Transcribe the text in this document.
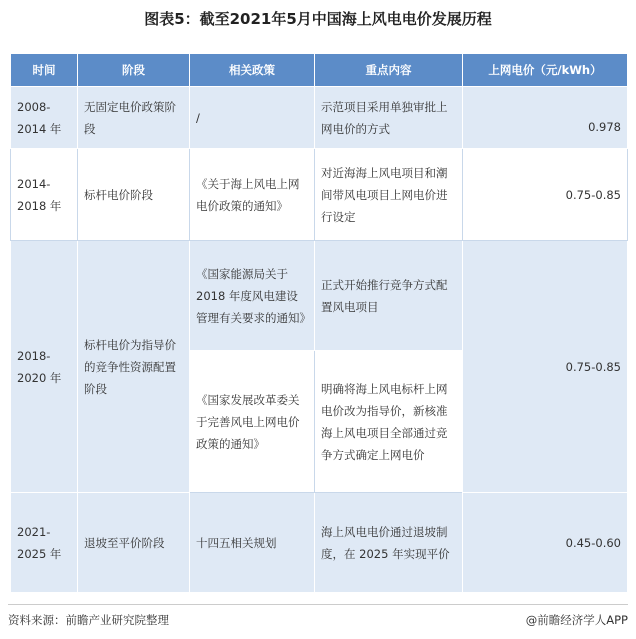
图表5：截至2021年5月中国海上风电电价发展历程
时间	阶段	相关政策	重点内容	上网电价（元/kWh）
2008-2014 年	无固定电价政策阶段	/	示范项目采用单独审批上网电价的方式	0.978
2014-2018 年	标杆电价阶段	《关于海上风电上网电价政策的通知》	对近海海上风电项目和潮间带风电项目上网电价进行设定	0.75-0.85
2018-2020 年	标杆电价为指导价的竞争性资源配置阶段	《国家能源局关于2018 年度风电建设管理有关要求的通知》	正式开始推行竞争方式配置风电项目	0.75-0.85
		《国家发展改革委关于完善风电上网电价政策的通知》	明确将海上风电标杆上网电价改为指导价，新核准海上风电项目全部通过竞争方式确定上网电价	
2021-2025 年	退坡至平价阶段	十四五相关规划	海上风电电价通过退坡制度，在 2025 年实现平价	0.45-0.60
资料来源：前瞻产业研究院整理	@前瞻经济学人APP
